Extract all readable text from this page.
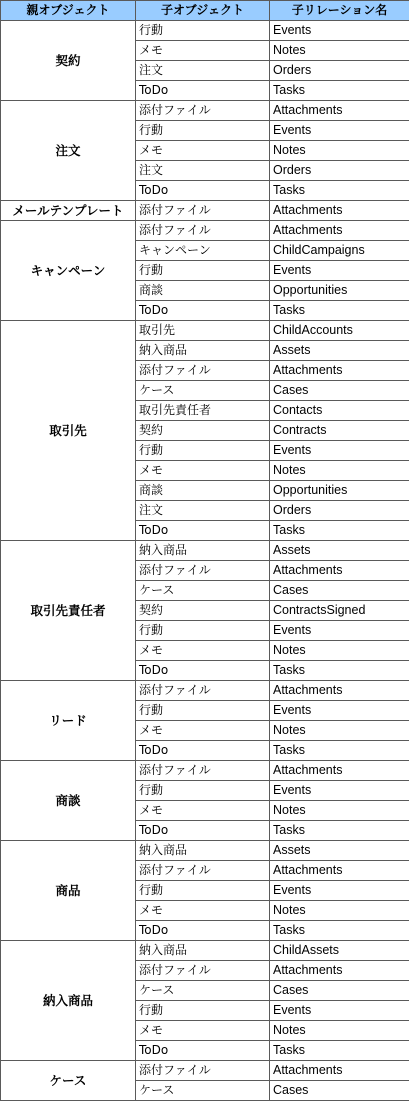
親オブジェクト	子オブジェクト	子リレーション名
契約	行動	Events
	メモ	Notes
	注文	Orders
	ToDo	Tasks
注文	添付ファイル	Attachments
	行動	Events
	メモ	Notes
	注文	Orders
	ToDo	Tasks
メールテンプレート	添付ファイル	Attachments
キャンペーン	添付ファイル	Attachments
	キャンペーン	ChildCampaigns
	行動	Events
	商談	Opportunities
	ToDo	Tasks
取引先	取引先	ChildAccounts
	納入商品	Assets
	添付ファイル	Attachments
	ケース	Cases
	取引先責任者	Contacts
	契約	Contracts
	行動	Events
	メモ	Notes
	商談	Opportunities
	注文	Orders
	ToDo	Tasks
取引先責任者	納入商品	Assets
	添付ファイル	Attachments
	ケース	Cases
	契約	ContractsSigned
	行動	Events
	メモ	Notes
	ToDo	Tasks
リード	添付ファイル	Attachments
	行動	Events
	メモ	Notes
	ToDo	Tasks
商談	添付ファイル	Attachments
	行動	Events
	メモ	Notes
	ToDo	Tasks
商品	納入商品	Assets
	添付ファイル	Attachments
	行動	Events
	メモ	Notes
	ToDo	Tasks
納入商品	納入商品	ChildAssets
	添付ファイル	Attachments
	ケース	Cases
	行動	Events
	メモ	Notes
	ToDo	Tasks
ケース	添付ファイル	Attachments
	ケース	Cases
